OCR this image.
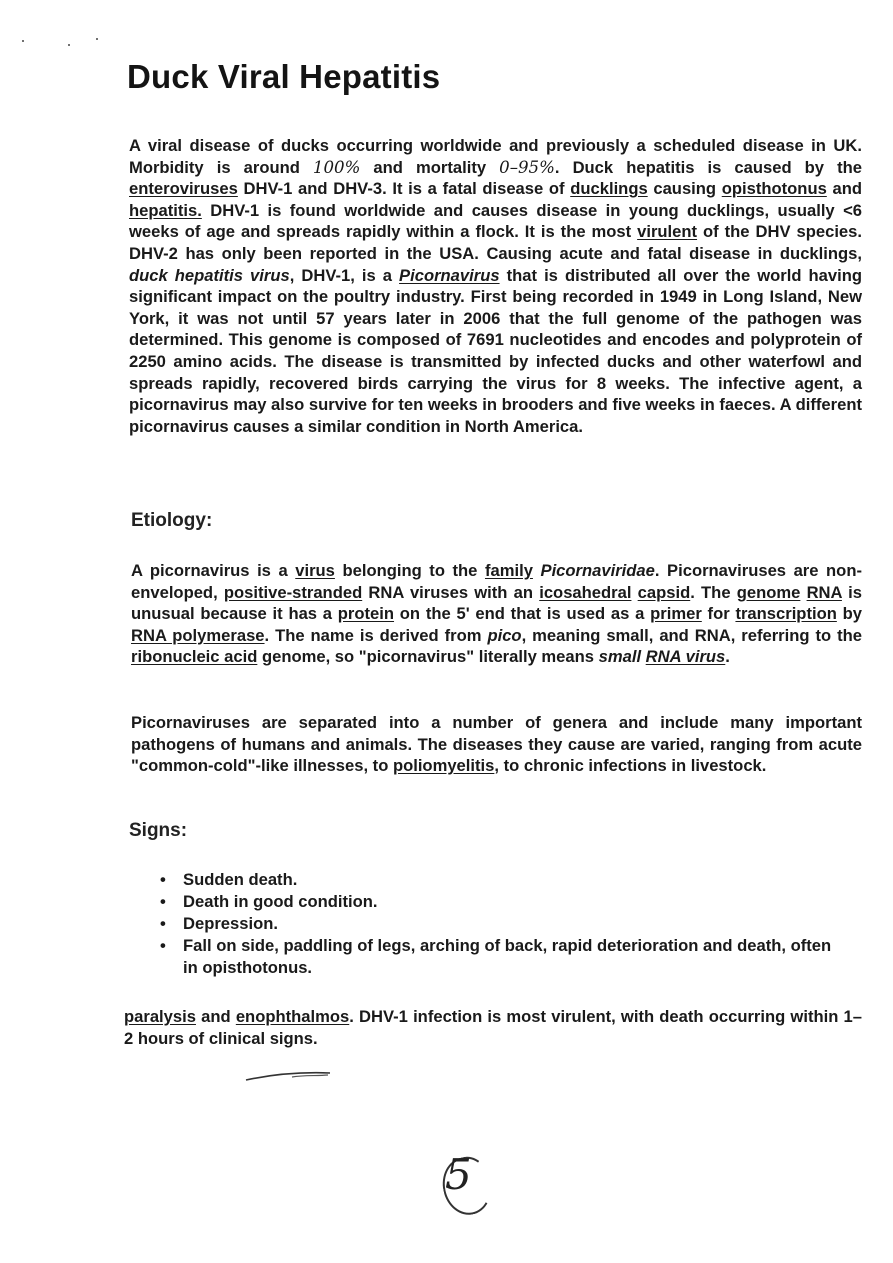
Duck Viral Hepatitis

A viral disease of ducks occurring worldwide and previously a scheduled disease in UK. Morbidity is around 100% and mortality 0–95%. Duck hepatitis is caused by the enteroviruses DHV-1 and DHV-3. It is a fatal disease of ducklings causing opisthotonus and hepatitis. DHV-1 is found worldwide and causes disease in young ducklings, usually <6 weeks of age and spreads rapidly within a flock. It is the most virulent of the DHV species. DHV-2 has only been reported in the USA. Causing acute and fatal disease in ducklings, duck hepatitis virus, DHV-1, is a Picornavirus that is distributed all over the world having significant impact on the poultry industry. First being recorded in 1949 in Long Island, New York, it was not until 57 years later in 2006 that the full genome of the pathogen was determined. This genome is composed of 7691 nucleotides and encodes and polyprotein of 2250 amino acids. The disease is transmitted by infected ducks and other waterfowl and spreads rapidly, recovered birds carrying the virus for 8 weeks. The infective agent, a picornavirus may also survive for ten weeks in brooders and five weeks in faeces. A different picornavirus causes a similar condition in North America.

Etiology:

A picornavirus is a virus belonging to the family Picornaviridae. Picornaviruses are non-enveloped, positive-stranded RNA viruses with an icosahedral capsid. The genome RNA is unusual because it has a protein on the 5' end that is used as a primer for transcription by RNA polymerase. The name is derived from pico, meaning small, and RNA, referring to the ribonucleic acid genome, so "picornavirus" literally means small RNA virus.

Picornaviruses are separated into a number of genera and include many important pathogens of humans and animals. The diseases they cause are varied, ranging from acute "common-cold"-like illnesses, to poliomyelitis, to chronic infections in livestock.

Signs:
• Sudden death.
• Death in good condition.
• Depression.
• Fall on side, paddling of legs, arching of back, rapid deterioration and death, often in opisthotonus.

paralysis and enophthalmos. DHV-1 infection is most virulent, with death occurring within 1–2 hours of clinical signs.

5
